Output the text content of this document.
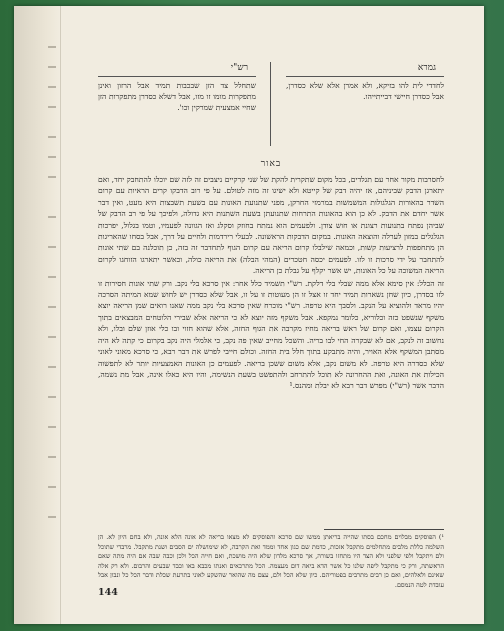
גמרא
לחדדי לית להו בזיקא, ולא אמרן אלא שלא כסדרן, אבל כסדרן חיישי דבייתייהו.
רש"י
שתחלל צד הזן שבכבות תמיד אבל הרזון ואינן מתפקרות מומו זו מזו, אבל דשלא כסדרן מתפקרות הזן שחיי אמצעית שמרקין וכו'.
באור

לחסרבות מקור אחר עם תגלדים, בכל מקום שתקרית להקת של שני קרקיים ניצבים זה לזה שם יוכלו להתחבק יחד, ואם יתארגן הדבק שביניהם, אז יהיה דבק של קייטא ולא ישיגו זה מזה לטולם. על פי רוב הדבקו קרים הראיות עם קרום השדר בהאורות הגלגולות המשמשות במרמזי החרקן, מפני שתנועת האונות עם בשעת תשבצות היא מעט, ואין דבר אשר יחדם את הדבק. לא כן הוא בהאונות התרחות שתנועתן בשעת השתנות היא גדולה, ולפיכך על פי רב הדבק של שביהן נפתח בתנועות רצונת או חוש צודן. ולפעמים הוא נמתח בחוזק וסקלג ואז הגוונה לפעמיו, וטמו בגלול, יפרכות הגלגלים במזון לערלה והוצאה האונות. במקום הדבקות הראשונה. לבעלי רירדמות ולחיים על דרך, אבל בסחו שהאריגות הן מתחפפות לרציעות קשות, וכמאה שילבלו קרום הריאה עם קרום הגוף לתחדבר זה בזה, כן תוכלנה בם שתי אונות להתחבר על ידי סרכות זו לזו. לפעמים יכסה חטכרים (המהי הבלה) את הריאה כולה, וכאשר יתארגו הזוחגו לקרום הריאה המשוכה על כל האונות, יש אשר יקלף על גבלת כן הריאה.

זה הכלל: אין סימא אלא ממה שבלי בלי דלקת. רש"י תשמיד כלל אחר: אין סרכא בלי נקב. ורק שתי אונות חסירות זו לזו בסדרן, כיון שחן נשארות תמיד יחד זו אצל זו הן מעוטות זו על זו, אבל שלא כסדרן יש לחוש שמא המיתה הסרכה יהיו מראד ולהוציא על הנקב. ולסבך היא טרפה. רש"י מוכרח שאין סרכא בלי נקב ממה שאנו רואים שמן הריאה יוצא משקף שנשפט כזה וכלוריא, כלומר נמקפא. אבל משקף מזה יוצא לא כי הריאה אלא שבירי הלוטחים המבצאים בתוך הקרום עצמו, ואם קרום של ראש בריאה מחיז מקרבה את הגוף החזה, אלא שהוא חזוי ובו כלי אוזן שלם ובלו, ולא נחשוב זה לנקב, אם לא שבקרה החי לבו בריה. והשכל מחייב שאין פה נקב, כי אלמלי היה נקב בקרום כי קתה לא היה מסתבן המשקף אלא האויר, והיה מתבקע בתוך חלל בית החזה. וכולם חייבי לפרש את דבר רבא, כי סרכא מאוני לאוני שלא כסדרה היא טרפה. לא משום נקב, אלא משום ששכן בריאה. לפעמים כן האונות האמצעיות יותר לא לתפשוה הכילות את האונה, ואת ההחרונה לא תוכל להתרחב ולהתפשט בשעת הנשימה, והיו היא כאלו אינה, אבל מת נשמה, הדבר אשר (רש"י) מפרש דבר רבא לא יבלת ומהנס.¹

¹) הפוסקים מבלוים מחכם בסתו שהייה בריאתן ממשו שם סרכא והפוסקים לא מצאו בריאה לא אונה הלא אונה, ולא בחם היון לא. הן השלמה כללת מלבים מתחלמים מתקבל אזכות, כדמת שם כגון אחד וממד ואת הקרבה, לא שימושלה ים הסבים ושנת מתקבל. מרבדי שתוכל ולם ויתקבל ולפי שלפני ולא הצד היו מתחזו בשורה, אך סרכא מלדון שלא היה מושכת, ואם חייה הכל ולכן וכבה שבה אם היה מתה שאם הראשתה, ורק כי מתקבל ליפה שלנו כל אשר הדא ביאה דום מעצמה. הכל מתרכאים ואנתו מכבא באו וכבד שבעים והרבום. ולא רק אלה שאינם ולאלהים, ואם כן רבים מתרבים בפטוריהם. כיון שלא הכל ולם, עצם מה שהואר שהשקע לאוני בתרעת שכלת ודבר הכל כל ונבון אבל עובדת לטה הנמסם.
144
